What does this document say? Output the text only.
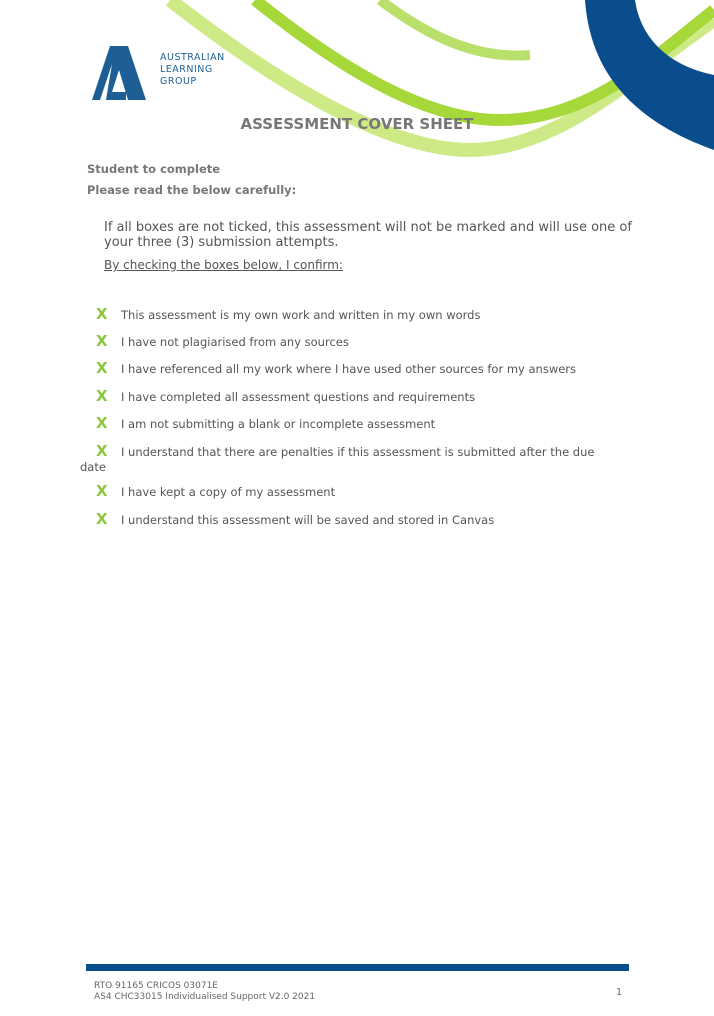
AUSTRALIAN
LEARNING
GROUP
ASSESSMENT COVER SHEET
Student to complete
Please read the below carefully:
If all boxes are not ticked, this assessment will not be marked and will use one of your three (3) submission attempts.
By checking the boxes below, I confirm:
X This assessment is my own work and written in my own words
X I have not plagiarised from any sources
X I have referenced all my work where I have used other sources for my answers
X I have completed all assessment questions and requirements
X I am not submitting a blank or incomplete assessment
X I understand that there are penalties if this assessment is submitted after the due
date
X I have kept a copy of my assessment
X I understand this assessment will be saved and stored in Canvas
RTO 91165 CRICOS 03071E
AS4 CHC33015 Individualised Support V2.0 2021	1
